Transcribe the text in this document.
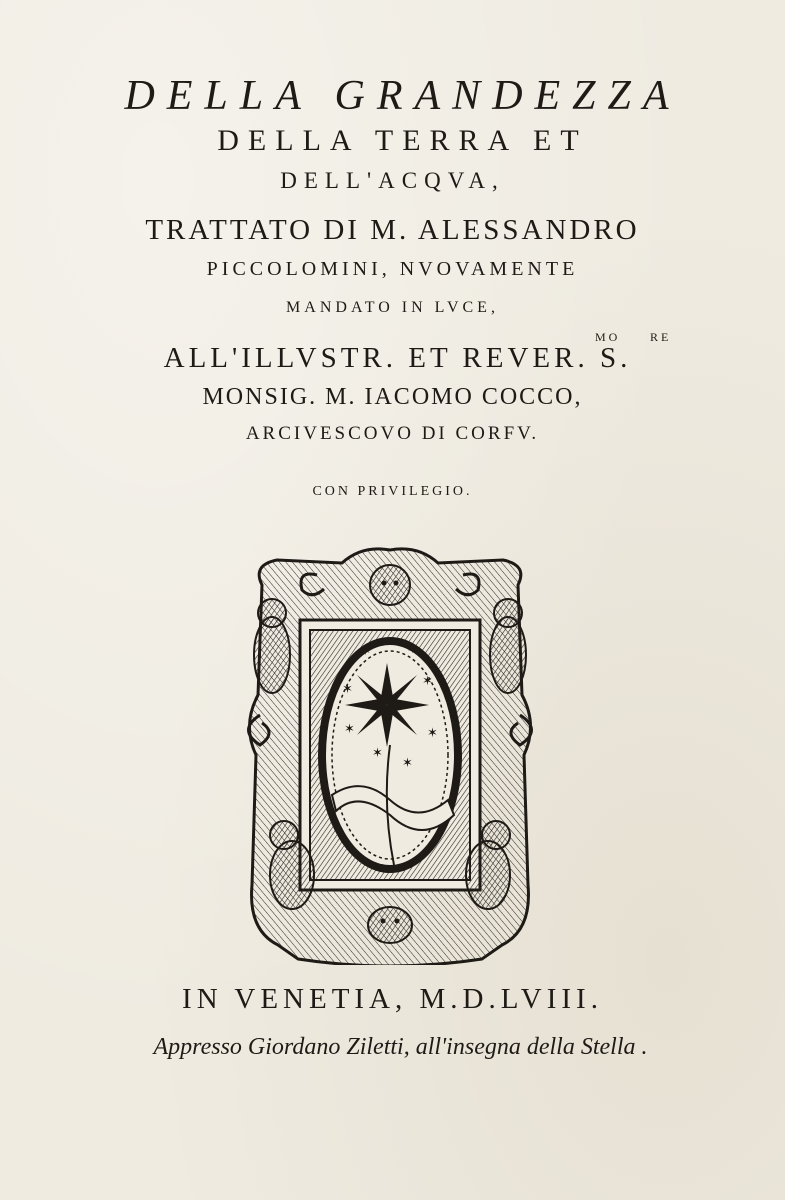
DELLA GRANDEZZA
DELLA TERRA ET
DELL'ACQVA,
TRATTATO DI M. ALESSANDRO
PICCOLOMINI, NVOVAMENTE
MANDATO IN LVCE,
MO RE
ALL'ILLVSTR. ET REVER. S.
MONSIG. M. IACOMO COCCO,
ARCIVESCOVO DI CORFV.
CON PRIVILEGIO.
✶	✶
✶
✶
✶	✶
✶
✶
IN VENETIA, M.D.LVIII.
Appresso Giordano Ziletti, all'insegna della Stella .
